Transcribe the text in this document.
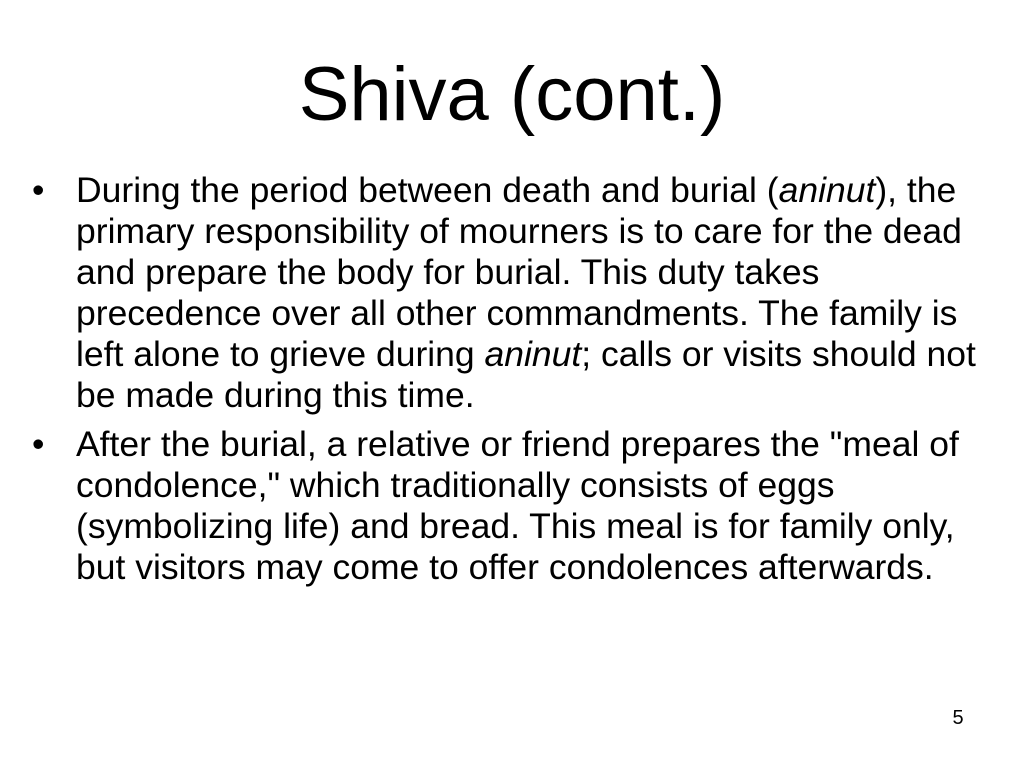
Shiva (cont.)
• During the period between death and burial (aninut), the primary responsibility of mourners is to care for the dead and prepare the body for burial. This duty takes precedence over all other commandments. The family is left alone to grieve during aninut; calls or visits should not be made during this time.
• After the burial, a relative or friend prepares the "meal of condolence," which traditionally consists of eggs (symbolizing life) and bread. This meal is for family only, but visitors may come to offer condolences afterwards.
5
